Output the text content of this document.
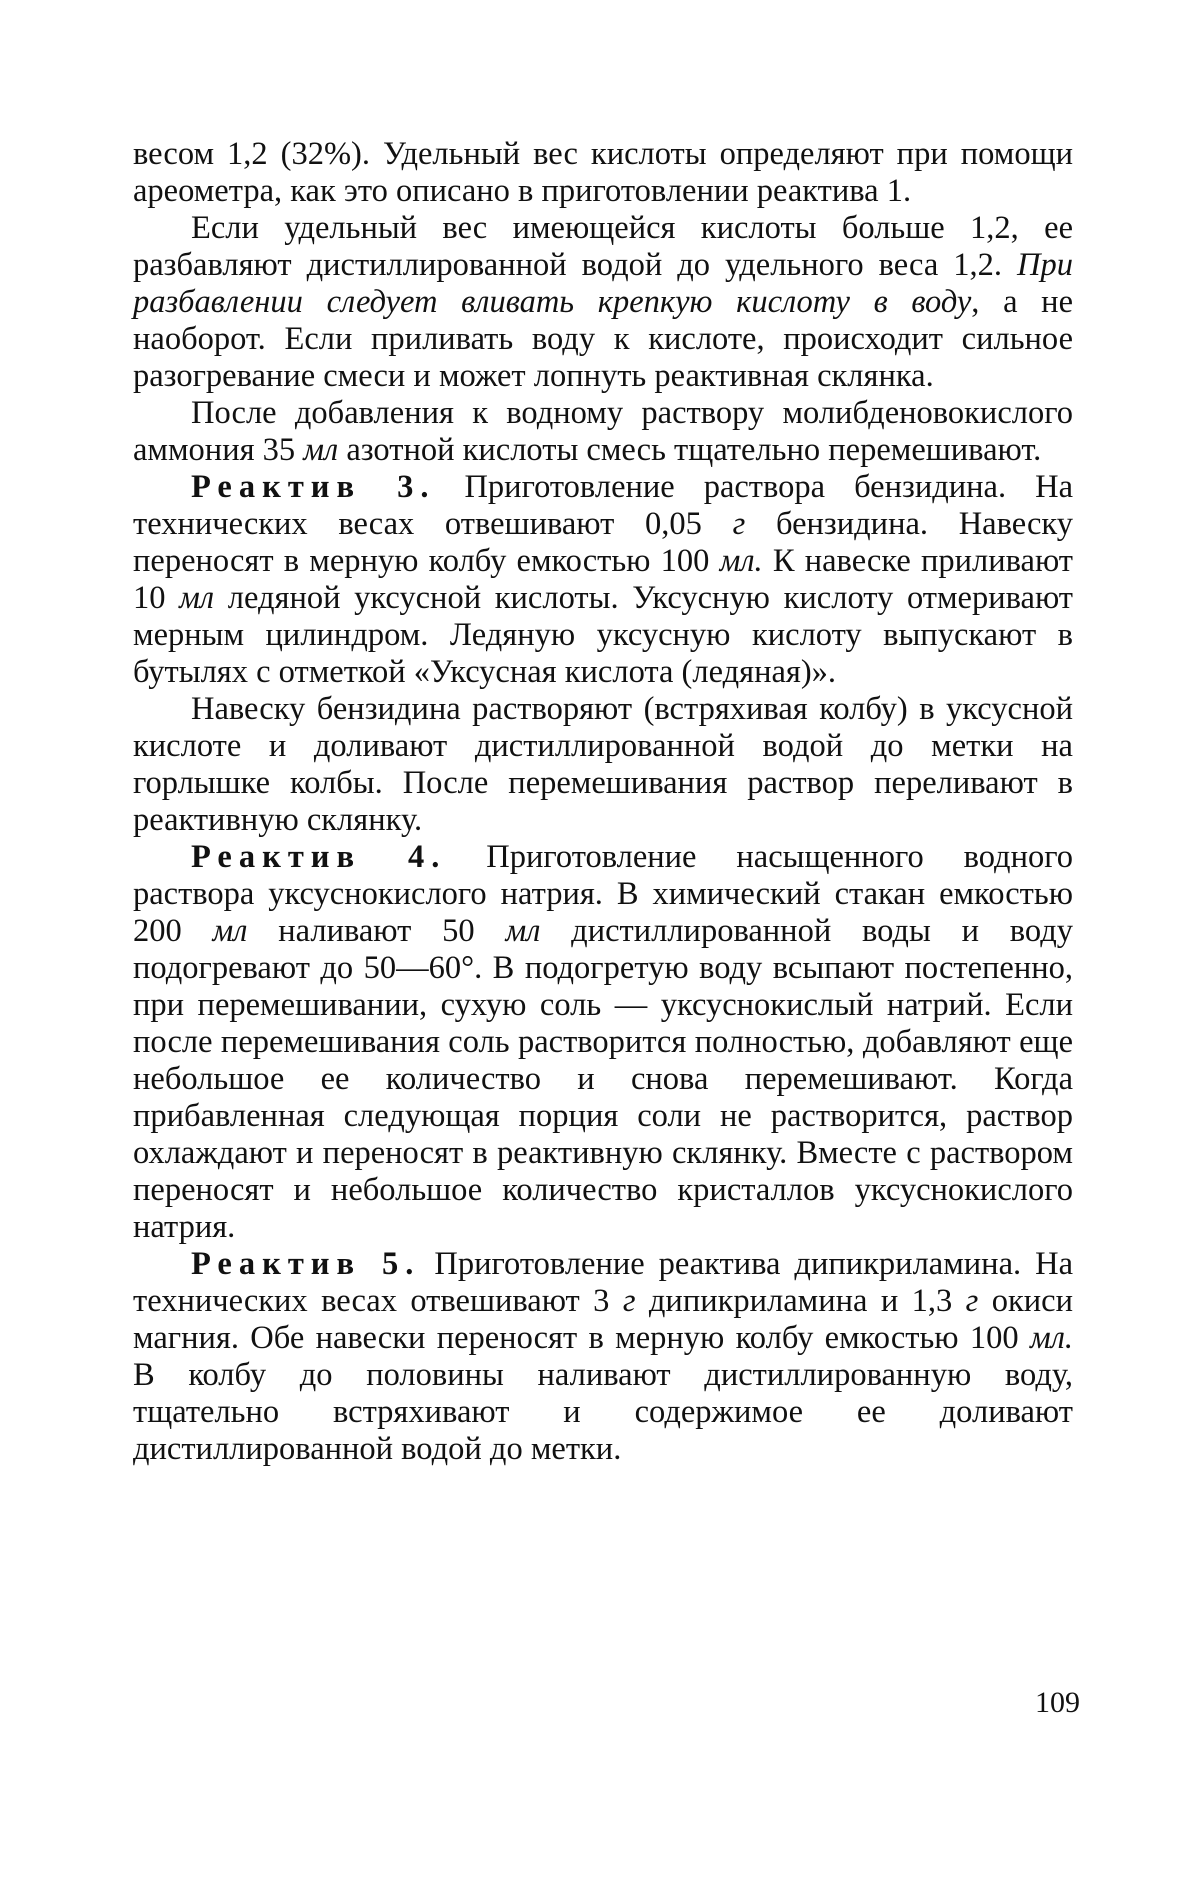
весом 1,2 (32%). Удельный вес кислоты определяют при помощи ареометра, как это описано в приготовлении реактива 1.

Если удельный вес имеющейся кислоты больше 1,2, ее разбавляют дистиллированной водой до удельного веса 1,2. При разбавлении следует вливать крепкую кислоту в воду, а не наоборот. Если приливать воду к кислоте, происходит сильное разогревание смеси и может лопнуть реактивная склянка.

После добавления к водному раствору молибденовокислого аммония 35 мл азотной кислоты смесь тщательно перемешивают.

Реактив 3. Приготовление раствора бензидина. На технических весах отвешивают 0,05 г бензидина. Навеску переносят в мерную колбу емкостью 100 мл. К навеске приливают 10 мл ледяной уксусной кислоты. Уксусную кислоту отмеривают мерным цилиндром. Ледяную уксусную кислоту выпускают в бутылях с отметкой «Уксусная кислота (ледяная)».

Навеску бензидина растворяют (встряхивая колбу) в уксусной кислоте и доливают дистиллированной водой до метки на горлышке колбы. После перемешивания раствор переливают в реактивную склянку.

Реактив 4. Приготовление насыщенного водного раствора уксуснокислого натрия. В химический стакан емкостью 200 мл наливают 50 мл дистиллированной воды и воду подогревают до 50—60°. В подогретую воду всыпают постепенно, при перемешивании, сухую соль — уксуснокислый натрий. Если после перемешивания соль растворится полностью, добавляют еще небольшое ее количество и снова перемешивают. Когда прибавленная следующая порция соли не растворится, раствор охлаждают и переносят в реактивную склянку. Вместе с раствором переносят и небольшое количество кристаллов уксуснокислого натрия.

Реактив 5. Приготовление реактива дипикриламина. На технических весах отвешивают 3 г дипикриламина и 1,3 г окиси магния. Обе навески переносят в мерную колбу емкостью 100 мл. В колбу до половины наливают дистиллированную воду, тщательно встряхивают и содержимое ее доливают дистиллированной водой до метки.

109
